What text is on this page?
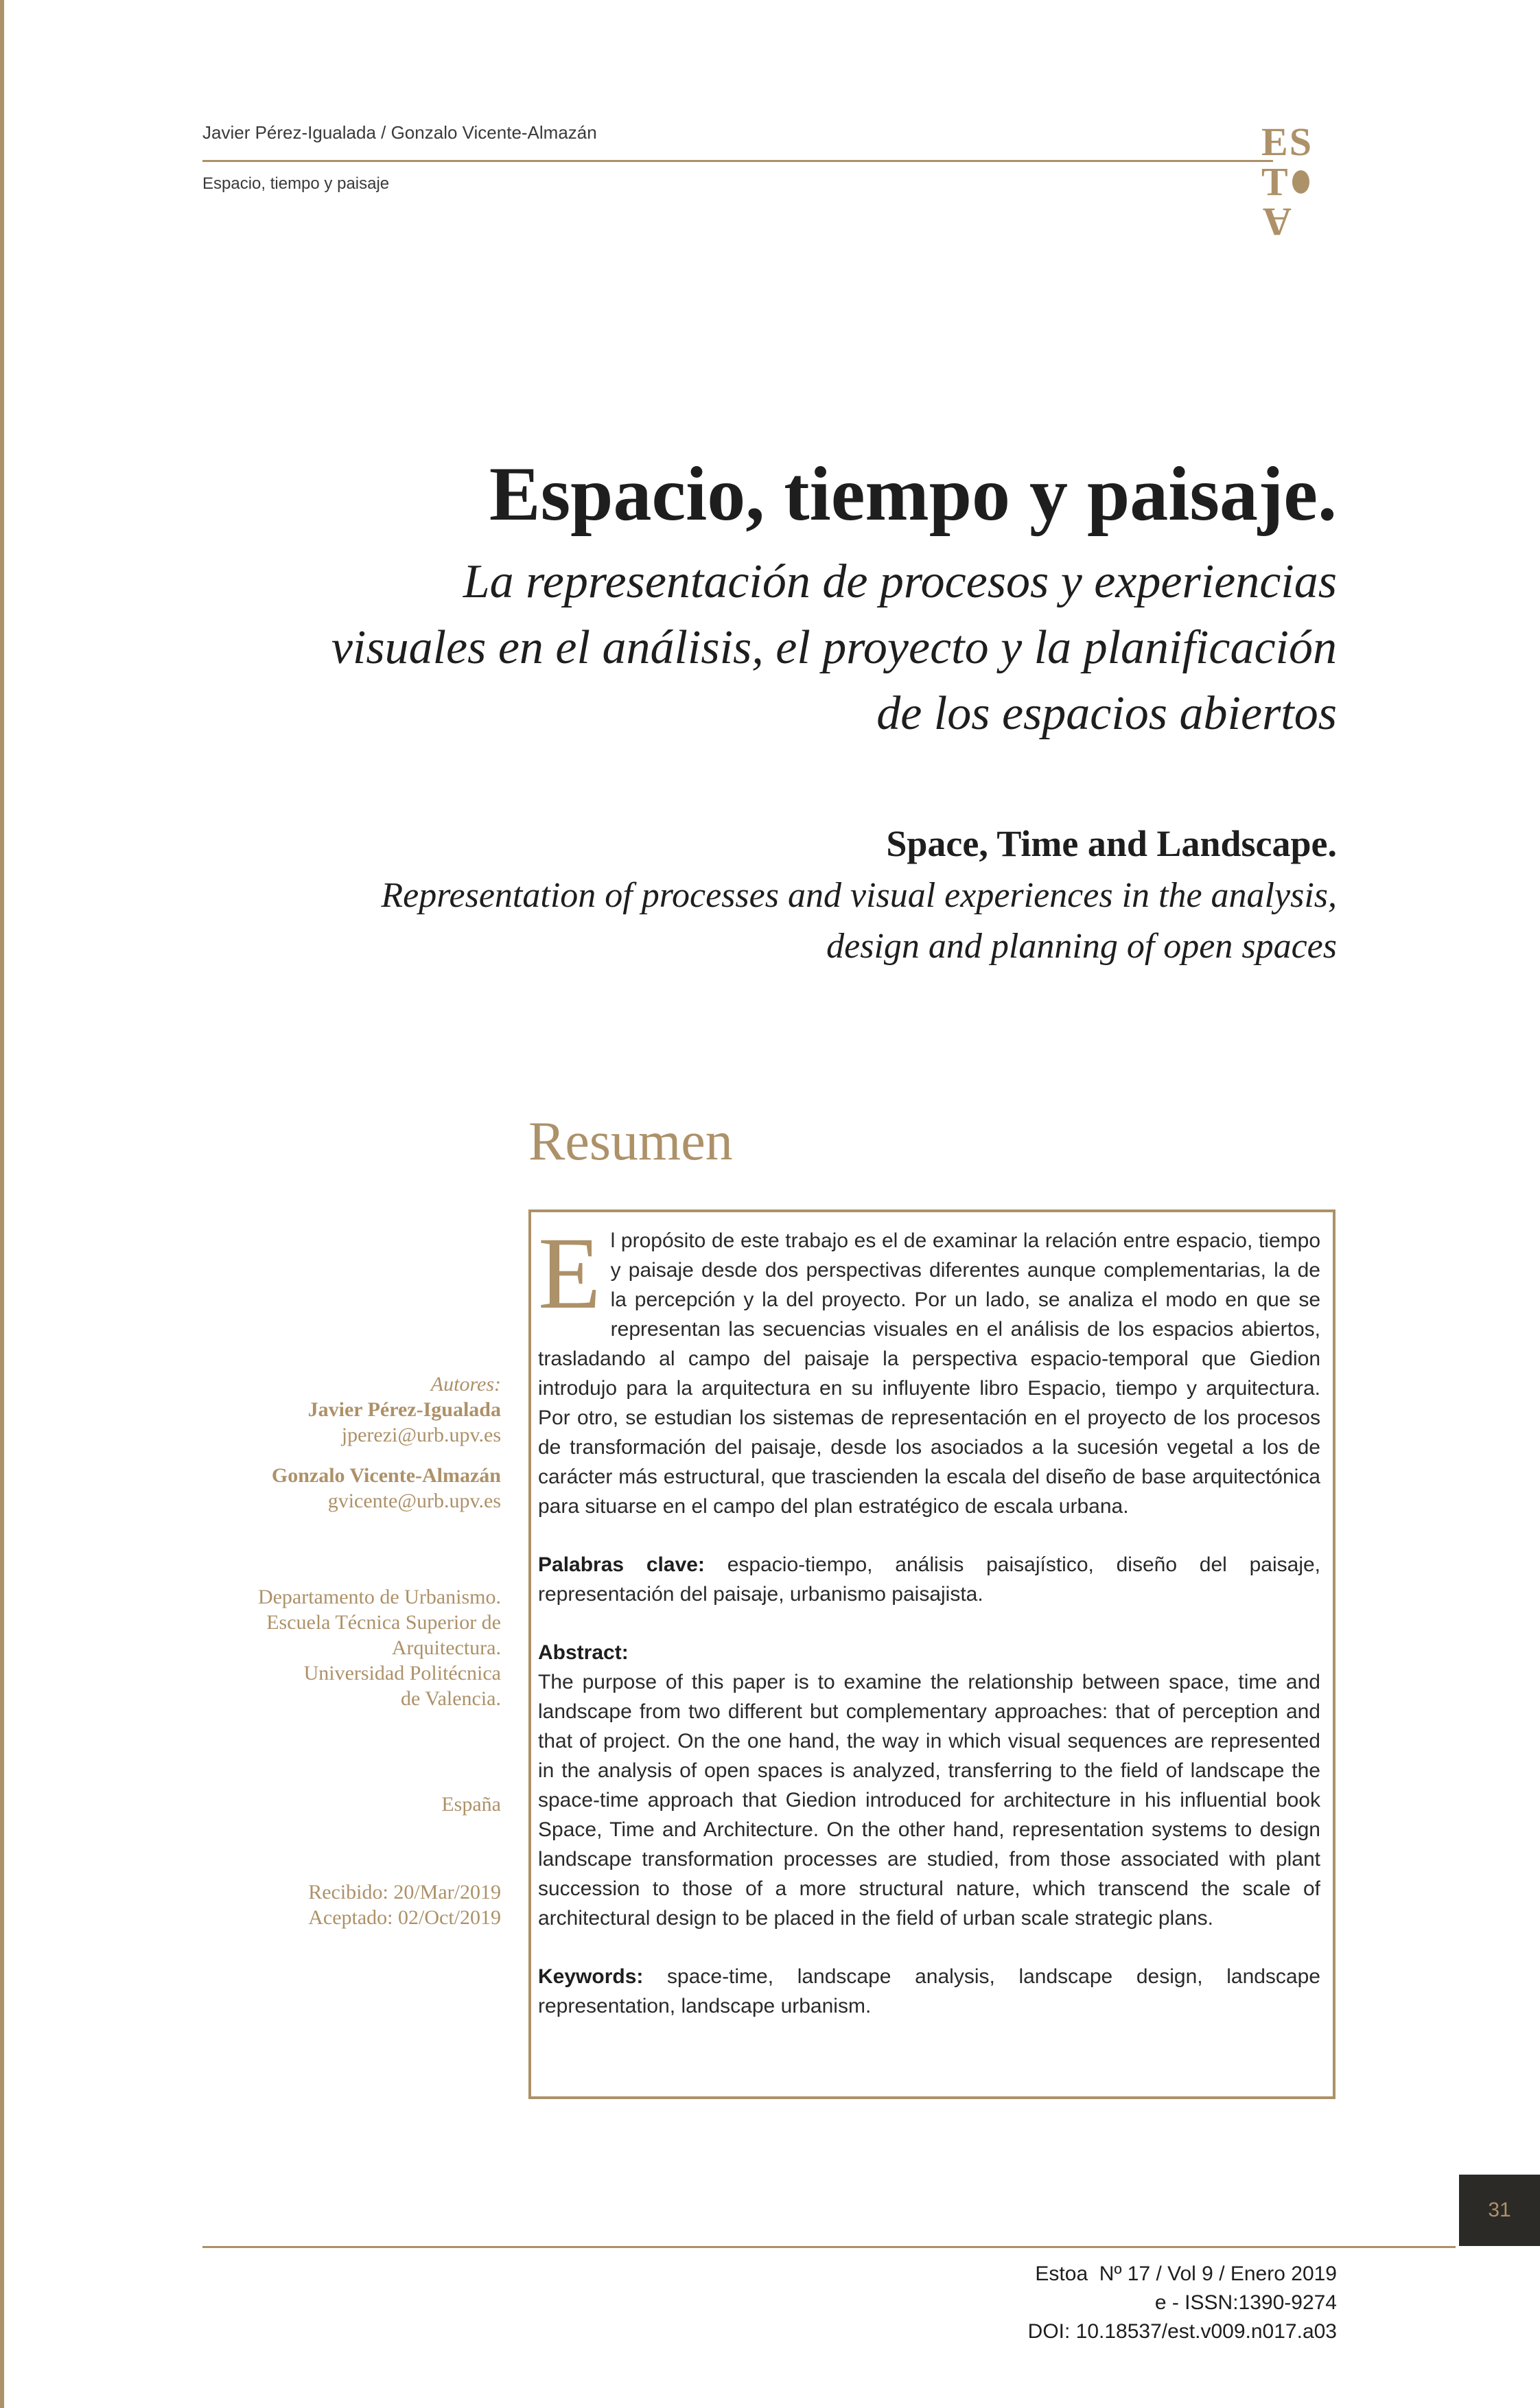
Javier Pérez-Igualada / Gonzalo Vicente-Almazán
Espacio, tiempo y paisaje
E S
T
A
Espacio, tiempo y paisaje.
La representación de procesos y experiencias visuales en el análisis, el proyecto y la planificación de los espacios abiertos
Space, Time and Landscape.
Representation of processes and visual experiences in the analysis, design and planning of open spaces
Resumen

El propósito de este trabajo es el de examinar la relación entre espacio, tiempo y paisaje desde dos perspectivas diferentes aunque complementarias, la de la percepción y la del proyecto. Por un lado, se analiza el modo en que se representan las secuencias visuales en el análisis de los espacios abiertos, trasladando al campo del paisaje la perspectiva espacio-temporal que Giedion introdujo para la arquitectura en su influyente libro Espacio, tiempo y arquitectura. Por otro, se estudian los sistemas de representación en el proyecto de los procesos de transformación del paisaje, desde los asociados a la sucesión vegetal a los de carácter más estructural, que trascienden la escala del diseño de base arquitectónica para situarse en el campo del plan estratégico de escala urbana.

Palabras clave: espacio-tiempo, análisis paisajístico, diseño del paisaje, representación del paisaje, urbanismo paisajista.

Abstract:
The purpose of this paper is to examine the relationship between space, time and landscape from two different but complementary approaches: that of perception and that of project. On the one hand, the way in which visual sequences are represented in the analysis of open spaces is analyzed, transferring to the field of landscape the space-time approach that Giedion introduced for architecture in his influential book Space, Time and Architecture. On the other hand, representation systems to design landscape transformation processes are studied, from those associated with plant succession to those of a more structural nature, which transcend the scale of architectural design to be placed in the field of urban scale strategic plans.

Keywords: space-time, landscape analysis, landscape design, landscape representation, landscape urbanism.

Autores:
Javier Pérez-Igualada
jperezi@urb.upv.es
Gonzalo Vicente-Almazán
gvicente@urb.upv.es
Departamento de Urbanismo.
Escuela Técnica Superior de
Arquitectura.
Universidad Politécnica
de Valencia.
España
Recibido: 20/Mar/2019
Aceptado: 02/Oct/2019
31
Estoa  Nº 17 / Vol 9 / Enero 2019
e - ISSN:1390-9274
DOI: 10.18537/est.v009.n017.a03
